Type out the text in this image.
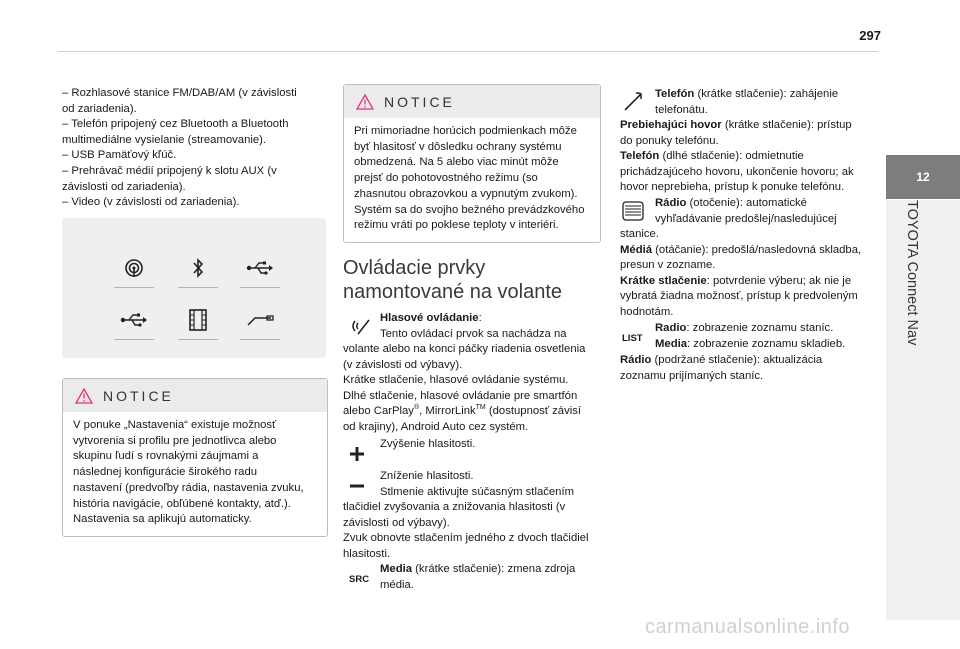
297
12
TOYOTA Connect Nav
– Rozhlasové stanice FM/DAB/AM (v závislosti
od zariadenia).
– Telefón pripojený cez Bluetooth a Bluetooth
multimediálne vysielanie (streamovanie).
– USB Pamäťový kľúč.
– Prehrávač médií pripojený k slotu AUX (v
závislosti od zariadenia).
– Video (v závislosti od zariadenia).
NOTICE
V ponuke „Nastavenia“ existuje možnosť
vytvorenia si profilu pre jednotlivca alebo
skupinu ľudí s rovnakými záujmami a
následnej konfigurácie širokého radu
nastavení (predvoľby rádia, nastavenia zvuku,
história navigácie, obľúbené kontakty, atď.).
Nastavenia sa aplikujú automaticky.
NOTICE
Pri mimoriadne horúcich podmienkach môže
byť hlasitosť v dôsledku ochrany systému
obmedzená. Na 5 alebo viac minút môže
prejsť do pohotovostného režimu (so
zhasnutou obrazovkou a vypnutým zvukom).
Systém sa do svojho bežného prevádzkového
režimu vráti po poklese teploty v interiéri.
Ovládacie prvky
namontované na volante
Hlasové ovládanie:
Tento ovládací prvok sa nachádza na
volante alebo na konci páčky riadenia osvetlenia
(v závislosti od výbavy).
Krátke stlačenie, hlasové ovládanie systému.
Dlhé stlačenie, hlasové ovládanie pre smartfón
alebo CarPlay®, MirrorLink™ (dostupnosť závisí
od krajiny), Android Auto cez systém.
Zvýšenie hlasitosti.
Zníženie hlasitosti.
Stlmenie aktivujte súčasným stlačením
tlačidiel zvyšovania a znižovania hlasitosti (v
závislosti od výbavy).
Zvuk obnovte stlačením jedného z dvoch tlačidiel
hlasitosti.
SRC
Media (krátke stlačenie): zmena zdroja
média.
Telefón (krátke stlačenie): zahájenie
telefonátu.
Prebiehajúci hovor (krátke stlačenie): prístup
do ponuky telefónu.
Telefón (dlhé stlačenie): odmietnutie
prichádzajúceho hovoru, ukončenie hovoru; ak
hovor neprebieha, prístup k ponuke telefónu.
Rádio (otočenie): automatické
vyhľadávanie predošlej/nasledujúcej
stanice.
Médiá (otáčanie): predošlá/nasledovná skladba,
presun v zozname.
Krátke stlačenie: potvrdenie výberu; ak nie je
vybratá žiadna možnosť, prístup k predvoleným
hodnotám.
LIST
Radio: zobrazenie zoznamu staníc.
Media: zobrazenie zoznamu skladieb.
Rádio (podržané stlačenie): aktualizácia
zoznamu prijímaných staníc.
carmanualsonline.info
